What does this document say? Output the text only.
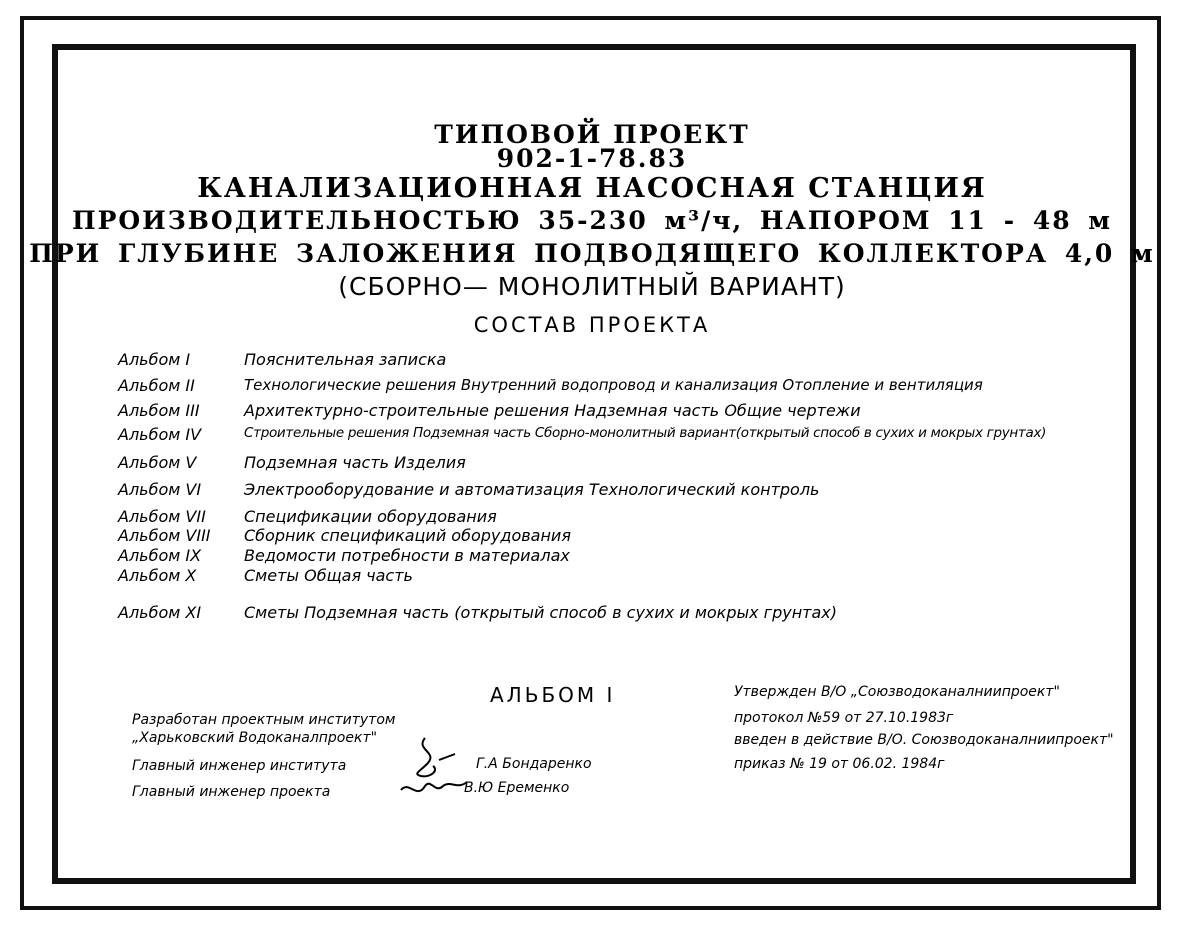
ТИПОВОЙ ПРОЕКТ
902-1-78.83
КАНАЛИЗАЦИОННАЯ НАСОСНАЯ СТАНЦИЯ
ПРОИЗВОДИТЕЛЬНОСТЬЮ 35-230 м³/ч, НАПОРОМ 11 - 48 м
ПРИ ГЛУБИНЕ ЗАЛОЖЕНИЯ ПОДВОДЯЩЕГО КОЛЛЕКТОРА 4,0 м
(СБОРНО— МОНОЛИТНЫЙ ВАРИАНТ)
СОСТАВ ПРОЕКТА
Альбом I	Пояснительная записка
Альбом II	Технологические решения Внутренний водопровод и канализация Отопление и вентиляция
Альбом III	Архитектурно-строительные решения Надземная часть Общие чертежи
Альбом IV	Строительные решения Подземная часть Сборно-монолитный вариант(открытый способ в сухих и мокрых грунтах)
Альбом V	Подземная часть Изделия
Альбом VI	Электрооборудование и автоматизация Технологический контроль
Альбом VII	Спецификации оборудования
Альбом VIII	Сборник спецификаций оборудования
Альбом IX	Ведомости потребности в материалах
Альбом X	Сметы Общая часть
Альбом XI	Сметы Подземная часть (открытый способ в сухих и мокрых грунтах)
АЛЬБОМ I
Разработан проектным институтом
„Харьковский Водоканалпроект"
Главный инженер института	Г.А Бондаренко
Главный инженер проекта	В.Ю Еременко
Утвержден В/О „Союзводоканалниипроект"
протокол №59 от 27.10.1983г
введен в действие В/О. Союзводоканалниипроект"
приказ № 19 от 06.02. 1984г
